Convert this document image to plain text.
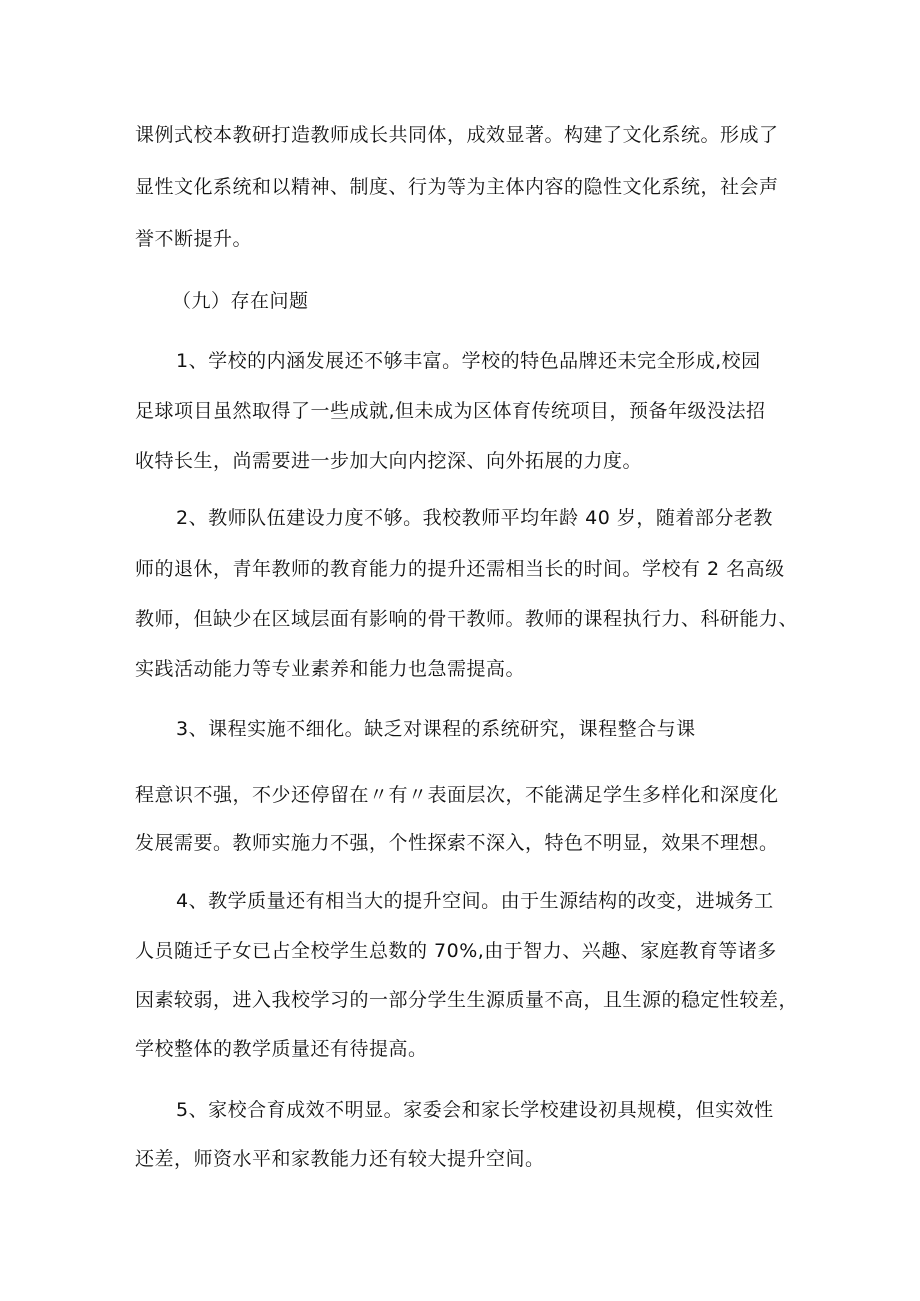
课例式校本教研打造教师成长共同体，成效显著。构建了文化系统。形成了
显性文化系统和以精神、制度、行为等为主体内容的隐性文化系统，社会声
誉不断提升。
（九）存在问题
1、学校的内涵发展还不够丰富。学校的特色品牌还未完全形成,校园
足球项目虽然取得了一些成就,但未成为区体育传统项目，预备年级没法招
收特长生，尚需要进一步加大向内挖深、向外拓展的力度。
2、教师队伍建设力度不够。我校教师平均年龄 40 岁，随着部分老教
师的退休，青年教师的教育能力的提升还需相当长的时间。学校有 2 名高级
教师，但缺少在区域层面有影响的骨干教师。教师的课程执行力、科研能力、
实践活动能力等专业素养和能力也急需提高。
3、课程实施不细化。缺乏对课程的系统研究，课程整合与课
程意识不强，不少还停留在〃有〃表面层次，不能满足学生多样化和深度化
发展需要。教师实施力不强，个性探索不深入，特色不明显，效果不理想。
4、教学质量还有相当大的提升空间。由于生源结构的改变，进城务工
人员随迁子女已占全校学生总数的 70%,由于智力、兴趣、家庭教育等诸多
因素较弱，进入我校学习的一部分学生生源质量不高，且生源的稳定性较差，
学校整体的教学质量还有待提高。
5、家校合育成效不明显。家委会和家长学校建设初具规模，但实效性
还差，师资水平和家教能力还有较大提升空间。
